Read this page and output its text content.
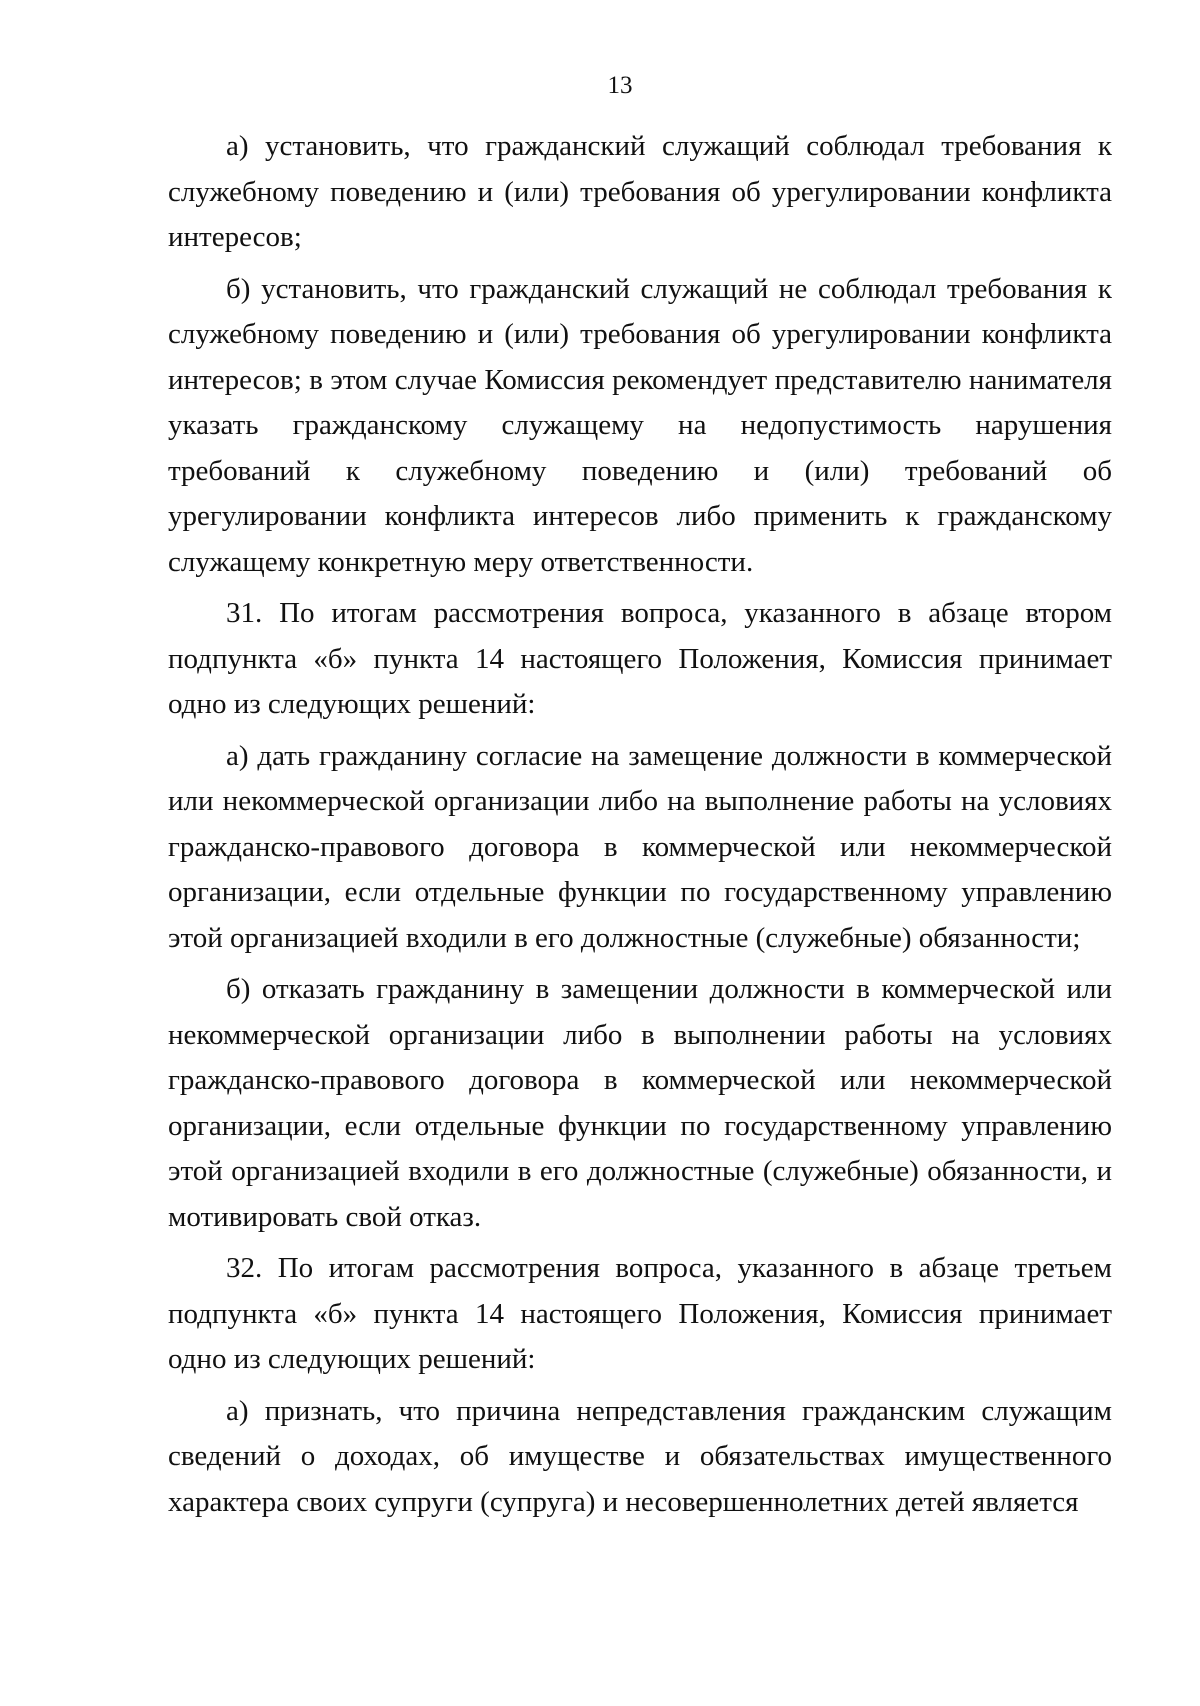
13

а) установить, что гражданский служащий соблюдал требования к служебному поведению и (или) требования об урегулировании конфликта интересов;

б) установить, что гражданский служащий не соблюдал требования к служебному поведению и (или) требования об урегулировании конфликта интересов; в этом случае Комиссия рекомендует представителю нанимателя указать гражданскому служащему на недопустимость нарушения требований к служебному поведению и (или) требований об урегулировании конфликта интересов либо применить к гражданскому служащему конкретную меру ответственности.

31. По итогам рассмотрения вопроса, указанного в абзаце втором подпункта «б» пункта 14 настоящего Положения, Комиссия принимает одно из следующих решений:

а) дать гражданину согласие на замещение должности в коммерческой или некоммерческой организации либо на выполнение работы на условиях гражданско-правового договора в коммерческой или некоммерческой организации, если отдельные функции по государственному управлению этой организацией входили в его должностные (служебные) обязанности;

б) отказать гражданину в замещении должности в коммерческой или некоммерческой организации либо в выполнении работы на условиях гражданско-правового договора в коммерческой или некоммерческой организации, если отдельные функции по государственному управлению этой организацией входили в его должностные (служебные) обязанности, и мотивировать свой отказ.

32. По итогам рассмотрения вопроса, указанного в абзаце третьем подпункта «б» пункта 14 настоящего Положения, Комиссия принимает одно из следующих решений:

а) признать, что причина непредставления гражданским служащим сведений о доходах, об имуществе и обязательствах имущественного характера своих супруги (супруга) и несовершеннолетних детей является
